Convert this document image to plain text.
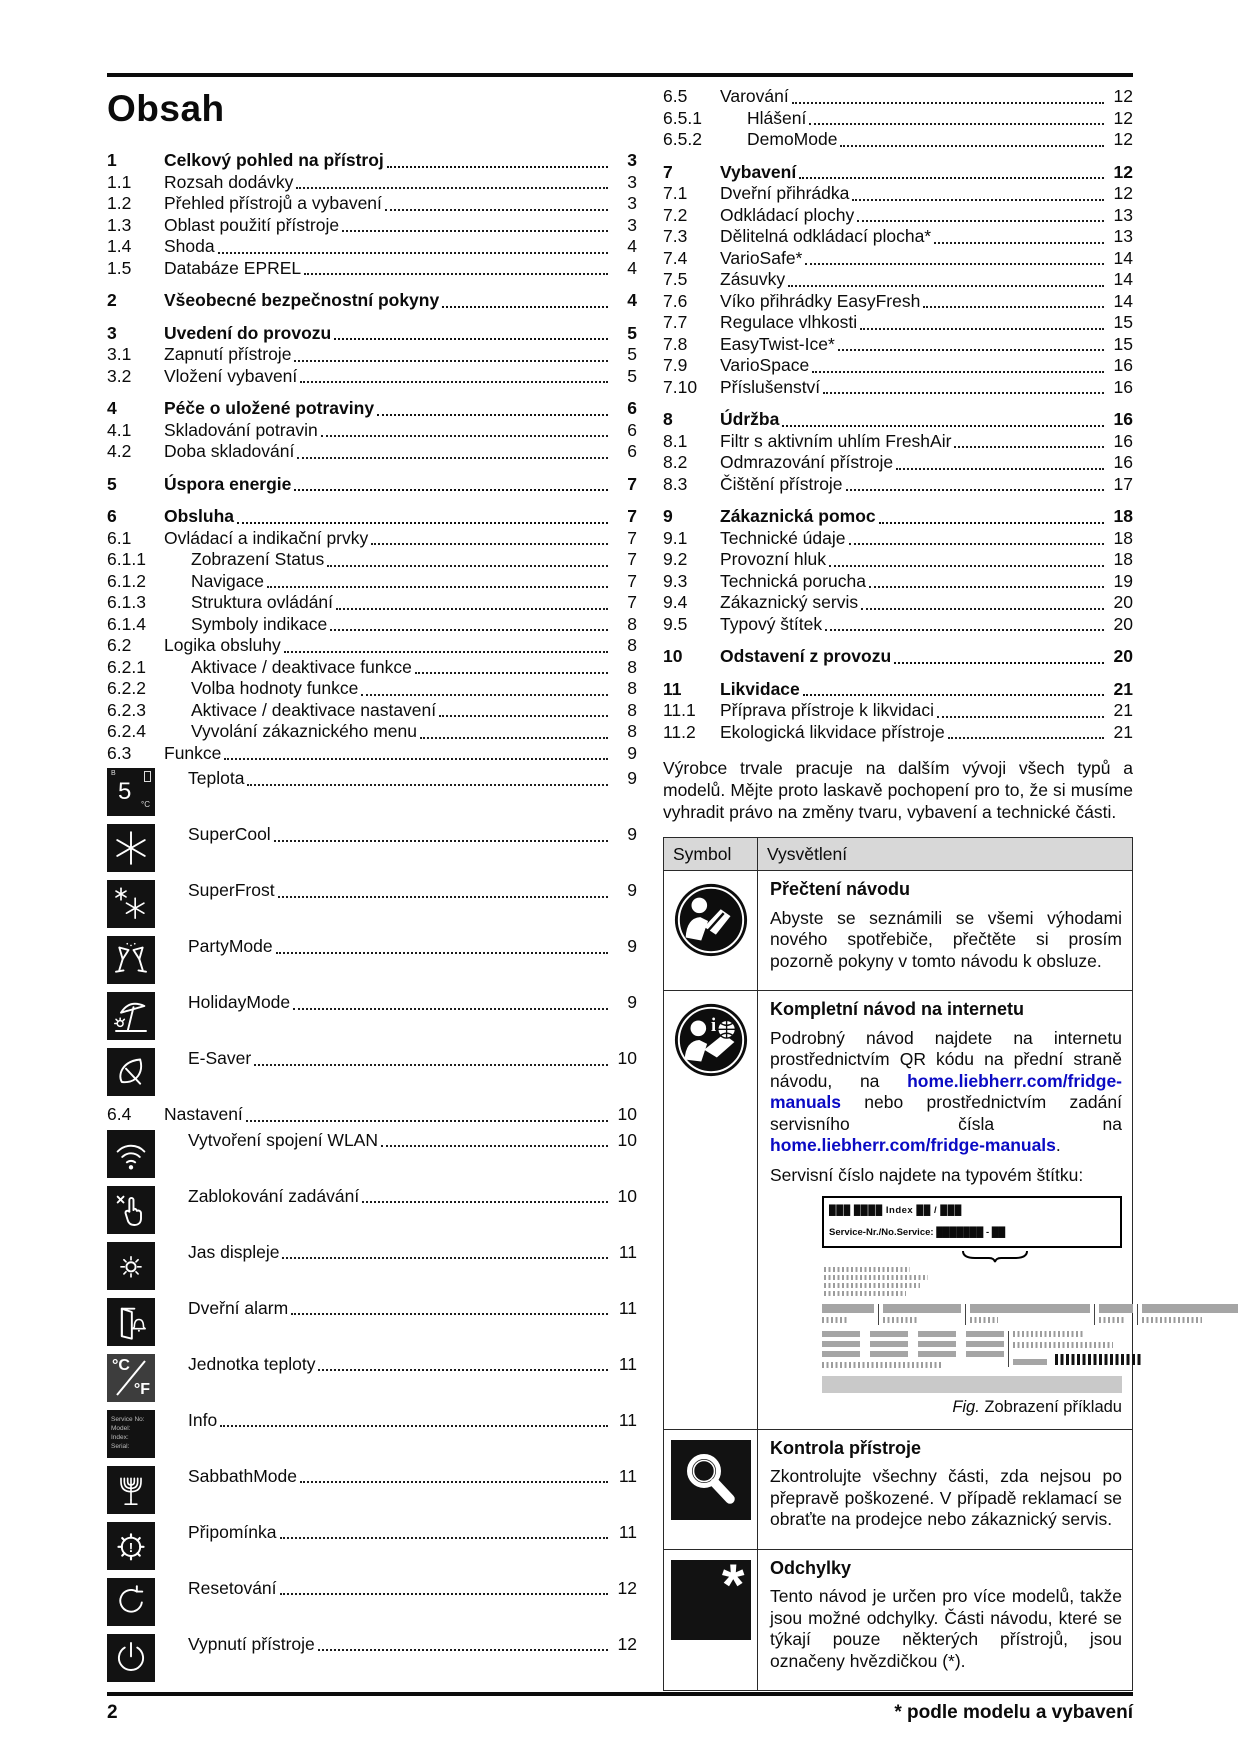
Obsah
1	Celkový pohled na přístroj	3
1.1	Rozsah dodávky	3
1.2	Přehled přístrojů a vybavení	3
1.3	Oblast použití přístroje	3
1.4	Shoda	4
1.5	Databáze EPREL	4
2	Všeobecné bezpečnostní pokyny	4
3	Uvedení do provozu	5
3.1	Zapnutí přístroje	5
3.2	Vložení vybavení	5
4	Péče o uložené potraviny	6
4.1	Skladování potravin	6
4.2	Doba skladování	6
5	Úspora energie	7
6	Obsluha	7
6.1	Ovládací a indikační prvky	7
6.1.1	Zobrazení Status	7
6.1.2	Navigace	7
6.1.3	Struktura ovládání	7
6.1.4	Symboly indikace	8
6.2	Logika obsluhy	8
6.2.1	Aktivace / deaktivace funkce	8
6.2.2	Volba hodnoty funkce	8
6.2.3	Aktivace / deaktivace nastavení	8
6.2.4	Vyvolání zákaznického menu	8
6.3	Funkce	9
B
5 °C
Teplota	9
SuperCool	9
SuperFrost	9
PartyMode	9
HolidayMode	9
E-Saver	10
6.4	Nastavení	10
Vytvoření spojení WLAN	10
Zablokování zadávání	10
Jas displeje	11
Dveřní alarm	11
°C
°F
Jednotka teploty	11
Service No:
Model:
Index:
Serial:
Info	11
SabbathMode	11
!
Připomínka	11
Resetování	12
Vypnutí přístroje	12
6.5	Varování	12
6.5.1	Hlášení	12
6.5.2	DemoMode	12
7	Vybavení	12
7.1	Dveřní přihrádka	12
7.2	Odkládací plochy	13
7.3	Dělitelná odkládací plocha*	13
7.4	VarioSafe*	14
7.5	Zásuvky	14
7.6	Víko přihrádky EasyFresh	14
7.7	Regulace vlhkosti	15
7.8	EasyTwist-Ice*	15
7.9	VarioSpace	16
7.10	Příslušenství	16
8	Údržba	16
8.1	Filtr s aktivním uhlím FreshAir	16
8.2	Odmrazování přístroje	16
8.3	Čištění přístroje	17
9	Zákaznická pomoc	18
9.1	Technické údaje	18
9.2	Provozní hluk	18
9.3	Technická porucha	19
9.4	Zákaznický servis	20
9.5	Typový štítek	20
10	Odstavení z provozu	20
11	Likvidace	21
11.1	Příprava přístroje k likvidaci	21
11.2	Ekologická likvidace přístroje	21

Výrobce trvale pracuje na dalším vývoji všech typů a modelů. Mějte proto laskavě pochopení pro to, že si musíme vyhradit právo na změny tvaru, vybavení a technické části.

Symbol	Vysvětlení

Přečtení návodu

Abyste se seznámili se všemi výhodami nového spotřebiče, přečtěte si prosím pozorně pokyny v tomto návodu k obsluze.

i

Kompletní návod na internetu

Podrobný návod najdete na internetu prostřednictvím QR kódu na přední straně návodu, na home.liebherr.com/fridge-manuals nebo prostřednictvím zadání servisního čísla na home.liebherr.com/fridge-manuals.

Servisní číslo najdete na typovém štítku:

███ ████ Index ██ / ███
Service-Nr./No.Service: ███████ - ██
Fig. Zobrazení příkladu

Kontrola přístroje

Zkontrolujte všechny části, zda nejsou po přepravě poškozené. V případě reklamací se obraťte na prodejce nebo zákaznický servis.

*	Odchylky

Tento návod je určen pro více modelů, takže jsou možné odchylky. Části návodu, které se týkají pouze některých přístrojů, jsou označeny hvězdičkou (*).

2	* podle modelu a vybavení
